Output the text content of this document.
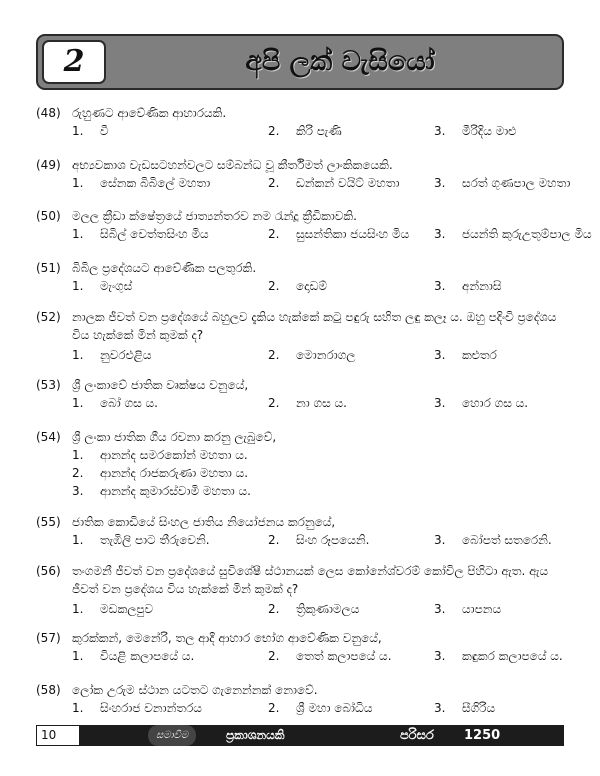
2	අපි ලක් වැසියෝ
(48) රුහුණට ආවේණික ආහාරයකි.
1. වී	2. කිරි පැණි	3. මීරිදිය මාළු
(49) අභ්‍යවකාශ වැඩසටහන්වලට සම්බන්ධ වූ කීර්තිමත් ලාංකිකයෙකි.
1. සේනක බිබිලේ මහතා	2. ඩන්කන් වයිට් මහතා	3. සරත් ගුණපාල මහතා
(50) මලල ක්‍රීඩා ක්ෂේත්‍රයේ ජාත්‍යන්තරව නම රැන්දූ ක්‍රීඩිකාවකි.
1. සිබිල් වෙත්තසිංහ මිය	2. සුසන්තිකා ජයසිංහ මිය 3. ජයන්ති කුරුඋතුම්පාල මිය
(51) බිබිල ප්‍රදේශයට ආවේණික පලතුරකි.
1. මැංගුස්	2. දොඩම්	3. අන්නාසි
(52) නාලක ජීවත් වන ප්‍රදේශයේ බහුලව දැකිය හැක්කේ කටු පඳුරු සහිත ලඳු කලෑ ය. ඔහු පදිංචි ප්‍රදේශය විය හැක්කේ මින් කුමක් ද?
1. නුවරඑළිය	2. මොනරාගල	3. කළුතර
(53) ශ්‍රී ලංකාවේ ජාතික වෘක්ෂය වනුයේ,
1. බෝ ගස ය.	2. නා ගස ය.	3. හොර ගස ය.
(54) ශ්‍රී ලංකා ජාතික ගීය රචනා කරනු ලැබුවේ,
1. ආනන්ද සමරකෝන් මහතා ය.
2. ආනන්ද රාජකරුණා මහතා ය.
3. ආනන්ද කුමාරස්වාමි මහතා ය.
(55) ජාතික කොඩියේ සිංහල ජාතිය නියෝජනය කරනුයේ,
1. තැඹිලි පාට තීරුවෙනි.	2. සිංහ රූපයෙනි.	3. බෝපත් සතරෙනි.
(56) තංගමනී ජීවත් වන ප්‍රදේශයේ සුවිශේෂී ස්ථානයක් ලෙස කෝනේශ්වරම් කෝවිල පිහිටා ඇත. ඇය ජීවත් වන ප්‍රදේශය විය හැක්කේ මින් කුමක් ද?
1. මඩකලපුව	2. ත්‍රිකුණාමලය	3. යාපනය
(57) කුරක්කන්, මෙනේරි, තල ආදී ආහාර භෝග ආවේණික වනුයේ,
1. වියළි කලාපයේ ය.	2. තෙත් කලාපයේ ය.	3. කඳුකර කලාපයේ ය.
(58) ලෝක උරුම ස්ථාන යටතට ගැනෙන්නක් නොවේ.
1. සිංහරාජ වනාන්තරය	2. ශ්‍රී මහා බෝධිය	3. සීගිරිය
10	සමාවිම	ප්‍රකාශනයකි	පරිසර 1250
